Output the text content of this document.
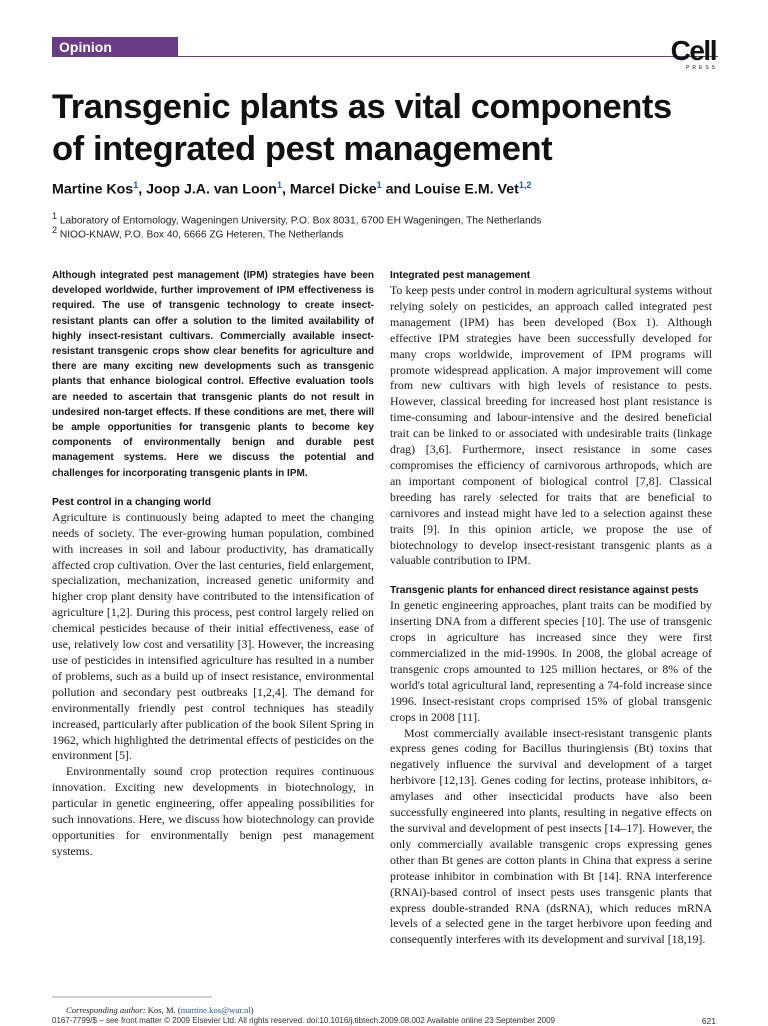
Opinion	Cell
PRESS
Transgenic plants as vital components
of integrated pest management
Martine Kos$^1$, Joop J.A. van Loon$^1$, Marcel Dicke$^1$ and Louise E.M. Vet$^{1,2}$
$^1$ Laboratory of Entomology, Wageningen University, P.O. Box 8031, 6700 EH Wageningen, The Netherlands
$^2$ NIOO-KNAW, P.O. Box 40, 6666 ZG Heteren, The Netherlands

Although integrated pest management (IPM) strategies have been developed worldwide, further improvement of IPM effectiveness is required. The use of transgenic technology to create insect-resistant plants can offer a solution to the limited availability of highly insect-resistant cultivars. Commercially available insect-resistant transgenic crops show clear benefits for agriculture and there are many exciting new developments such as transgenic plants that enhance biological control. Effective evaluation tools are needed to ascertain that transgenic plants do not result in undesired non-target effects. If these conditions are met, there will be ample opportunities for transgenic plants to become key components of environmentally benign and durable pest management systems. Here we discuss the potential and challenges for incorporating transgenic plants in IPM.

Pest control in a changing world

Agriculture is continuously being adapted to meet the changing needs of society. The ever-growing human population, combined with increases in soil and labour productivity, has dramatically affected crop cultivation. Over the last centuries, field enlargement, specialization, mechanization, increased genetic uniformity and higher crop plant density have contributed to the intensification of agriculture [1,2]. During this process, pest control largely relied on chemical pesticides because of their initial effectiveness, ease of use, relatively low cost and versatility [3]. However, the increasing use of pesticides in intensified agriculture has resulted in a number of problems, such as a build up of insect resistance, environmental pollution and secondary pest outbreaks [1,2,4]. The demand for environmentally friendly pest control techniques has steadily increased, particularly after publication of the book Silent Spring in 1962, which highlighted the detrimental effects of pesticides on the environment [5].

Environmentally sound crop protection requires continuous innovation. Exciting new developments in biotechnology, in particular in genetic engineering, offer appealing possibilities for such innovations. Here, we discuss how biotechnology can provide opportunities for environmentally benign pest management systems.

Integrated pest management

To keep pests under control in modern agricultural systems without relying solely on pesticides, an approach called integrated pest management (IPM) has been developed (Box 1). Although effective IPM strategies have been successfully developed for many crops worldwide, improvement of IPM programs will promote widespread application. A major improvement will come from new cultivars with high levels of resistance to pests. However, classical breeding for increased host plant resistance is time-consuming and labour-intensive and the desired beneficial trait can be linked to or associated with undesirable traits (linkage drag) [3,6]. Furthermore, insect resistance in some cases compromises the efficiency of carnivorous arthropods, which are an important component of biological control [7,8]. Classical breeding has rarely selected for traits that are beneficial to carnivores and instead might have led to a selection against these traits [9]. In this opinion article, we propose the use of biotechnology to develop insect-resistant transgenic plants as a valuable contribution to IPM.

Transgenic plants for enhanced direct resistance against pests

In genetic engineering approaches, plant traits can be modified by inserting DNA from a different species [10]. The use of transgenic crops in agriculture has increased since they were first commercialized in the mid-1990s. In 2008, the global acreage of transgenic crops amounted to 125 million hectares, or 8% of the world's total agricultural land, representing a 74-fold increase since 1996. Insect-resistant crops comprised 15% of global transgenic crops in 2008 [11].

Most commercially available insect-resistant transgenic plants express genes coding for Bacillus thuringiensis (Bt) toxins that negatively influence the survival and development of a target herbivore [12,13]. Genes coding for lectins, protease inhibitors, α-amylases and other insecticidal products have also been successfully engineered into plants, resulting in negative effects on the survival and development of pest insects [14–17]. However, the only commercially available transgenic crops expressing genes other than Bt genes are cotton plants in China that express a serine protease inhibitor in combination with Bt [14]. RNA interference (RNAi)-based control of insect pests uses transgenic plants that express double-stranded RNA (dsRNA), which reduces mRNA levels of a selected gene in the target herbivore upon feeding and consequently interferes with its development and survival [18,19].

Corresponding author: Kos, M. (martine.kos@wur.nl)
0167-7799/$ – see front matter © 2009 Elsevier Ltd. All rights reserved. doi:10.1016/j.tibtech.2009.08.002 Available online 23 September 2009	621
